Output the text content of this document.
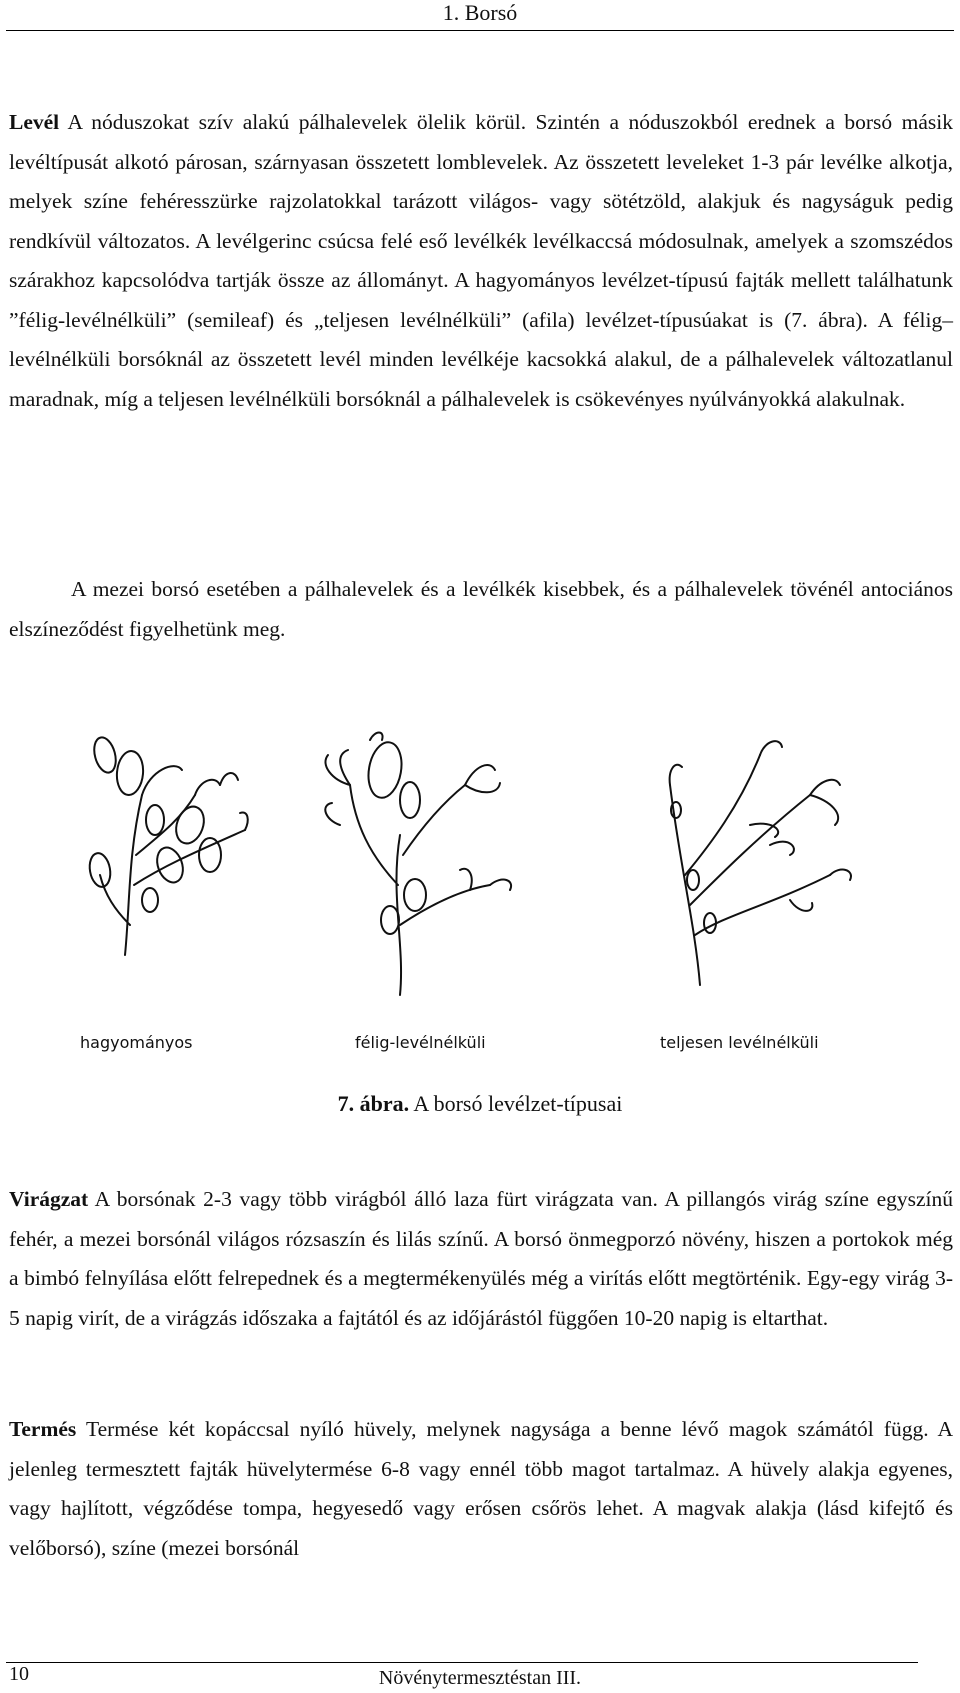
1. Borsó

Levél A nóduszokat szív alakú pálhalevelek ölelik körül. Szintén a nóduszokból erednek a borsó másik levéltípusát alkotó párosan, szárnyasan összetett lomblevelek. Az összetett leveleket 1-3 pár levélke alkotja, melyek színe fehéresszürke rajzolatokkal tarázott világos- vagy sötétzöld, alakjuk és nagyságuk pedig rendkívül változatos. A levélgerinc csúcsa felé eső levélkék levélkaccsá módosulnak, amelyek a szomszédos szárakhoz kapcsolódva tartják össze az állományt. A hagyományos levélzet-típusú fajták mellett találhatunk ”félig-levélnélküli” (semileaf) és „teljesen levélnélküli” (afila) levélzet-típusúakat is (7. ábra). A félig–levélnélküli borsóknál az összetett levél minden levélkéje kacsokká alakul, de a pálhalevelek változatlanul maradnak, míg a teljesen levélnélküli borsóknál a pálhalevelek is csökevényes nyúlványokká alakulnak.

A mezei borsó esetében a pálhalevelek és a levélkék kisebbek, és a pálhalevelek tövénél antociános elszíneződést figyelhetünk meg.

hagyományos	félig-levélnélküli	teljesen levélnélküli
7. ábra. A borsó levélzet-típusai

Virágzat A borsónak 2-3 vagy több virágból álló laza fürt virágzata van. A pillangós virág színe egyszínű fehér, a mezei borsónál világos rózsaszín és lilás színű. A borsó önmegporzó növény, hiszen a portokok még a bimbó felnyílása előtt felrepednek és a megtermékenyülés még a virítás előtt megtörténik. Egy-egy virág 3-5 napig virít, de a virágzás időszaka a fajtától és az időjárástól függően 10-20 napig is eltarthat.

Termés Termése két kopáccsal nyíló hüvely, melynek nagysága a benne lévő magok számától függ. A jelenleg termesztett fajták hüvelytermése 6-8 vagy ennél több magot tartalmaz. A hüvely alakja egyenes, vagy hajlított, végződése tompa, hegyesedő vagy erősen csőrös lehet. A magvak alakja (lásd kifejtő és velőborsó), színe (mezei borsónál

10	Növénytermesztéstan III.
